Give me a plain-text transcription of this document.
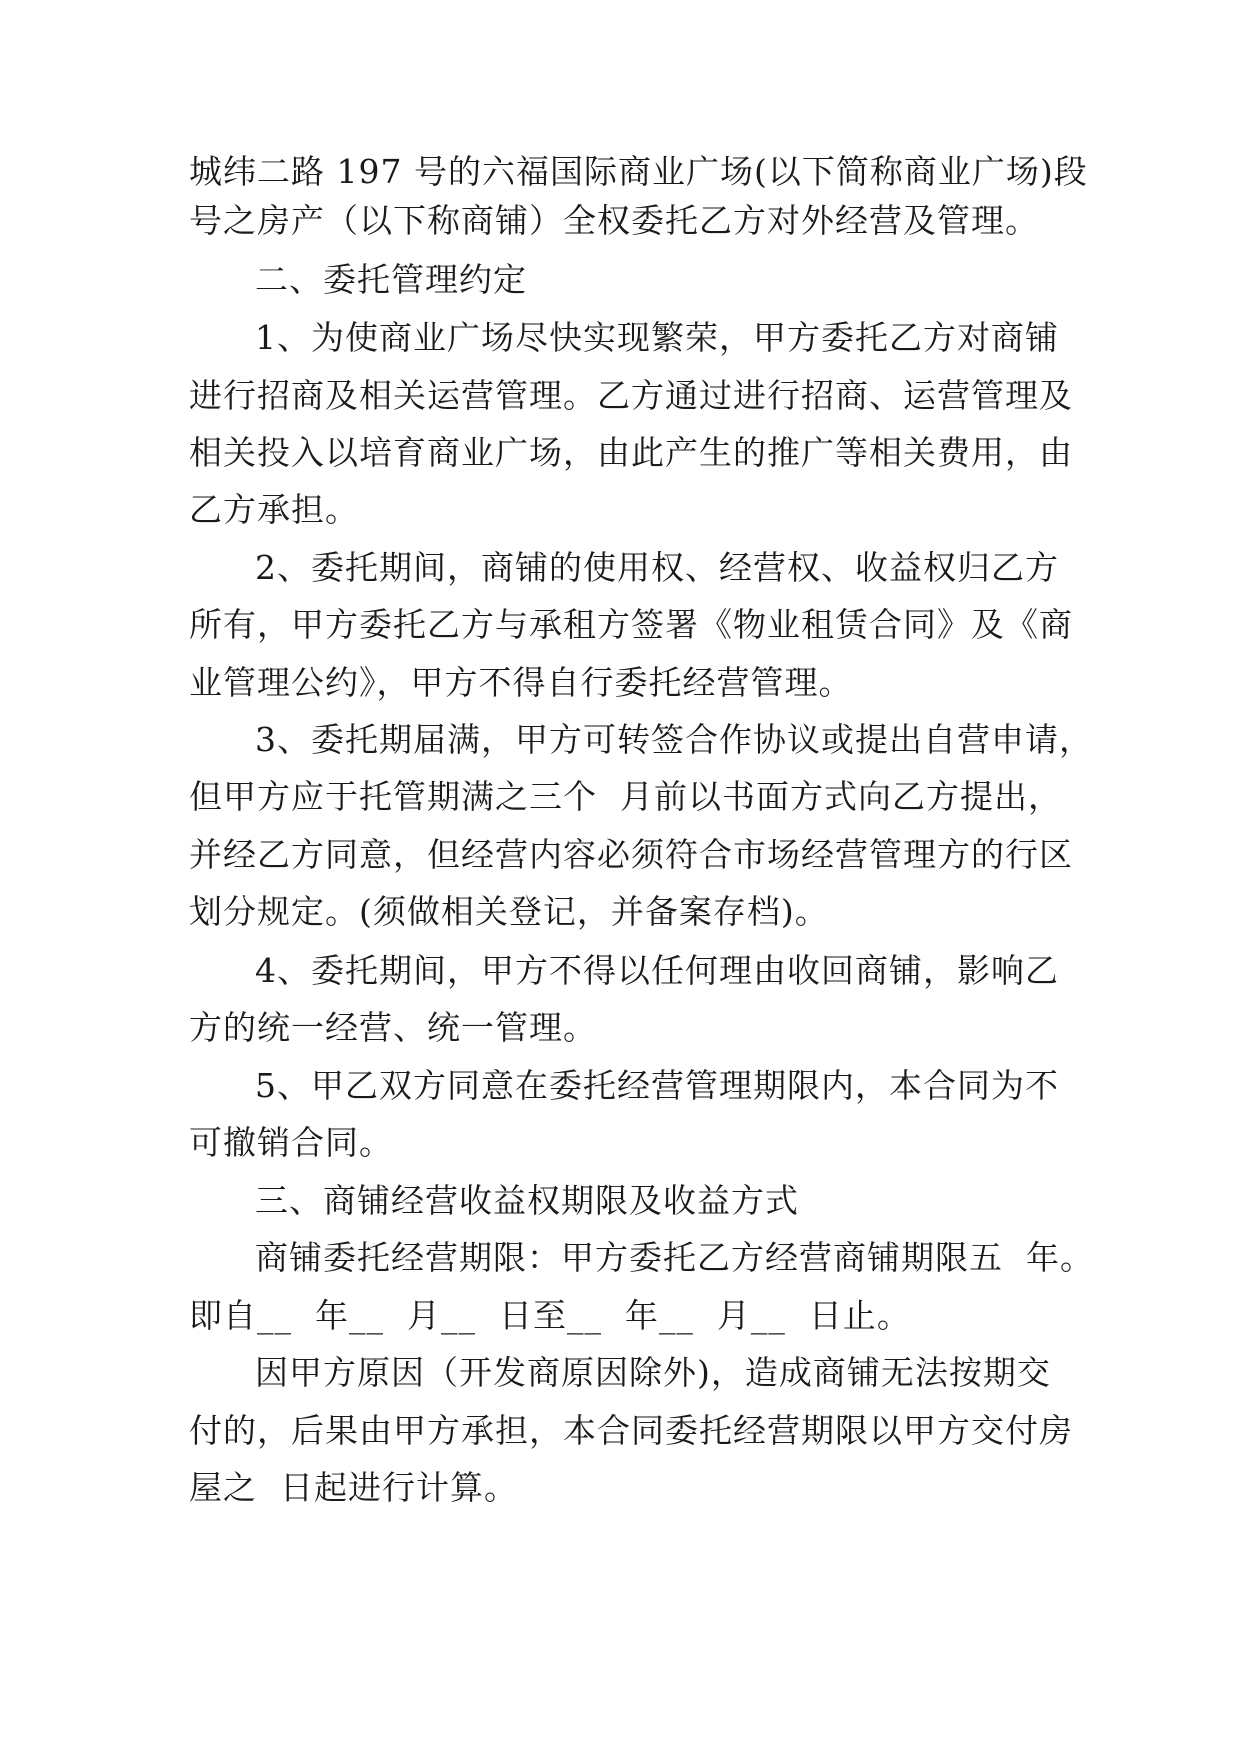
城纬二路 197 号的六福国际商业广场(以下简称商业广场)段
号之房产（以下称商铺）全权委托乙方对外经营及管理。
二、委托管理约定
1、为使商业广场尽快实现繁荣，甲方委托乙方对商铺
进行招商及相关运营管理。乙方通过进行招商、运营管理及
相关投入以培育商业广场，由此产生的推广等相关费用，由
乙方承担。
2、委托期间，商铺的使用权、经营权、收益权归乙方
所有，甲方委托乙方与承租方签署《物业租赁合同》及《商
业管理公约》，甲方不得自行委托经营管理。
3、委托期届满，甲方可转签合作协议或提出自营申请，
但甲方应于托管期满之三个  月前以书面方式向乙方提出，
并经乙方同意，但经营内容必须符合市场经营管理方的行区
划分规定。(须做相关登记，并备案存档)。
4、委托期间，甲方不得以任何理由收回商铺，影响乙
方的统一经营、统一管理。
5、甲乙双方同意在委托经营管理期限内，本合同为不
可撤销合同。
三、商铺经营收益权期限及收益方式
商铺委托经营期限：甲方委托乙方经营商铺期限五  年。
即自__  年__  月__  日至__  年__  月__  日止。
因甲方原因（开发商原因除外)，造成商铺无法按期交
付的，后果由甲方承担，本合同委托经营期限以甲方交付房
屋之  日起进行计算。
